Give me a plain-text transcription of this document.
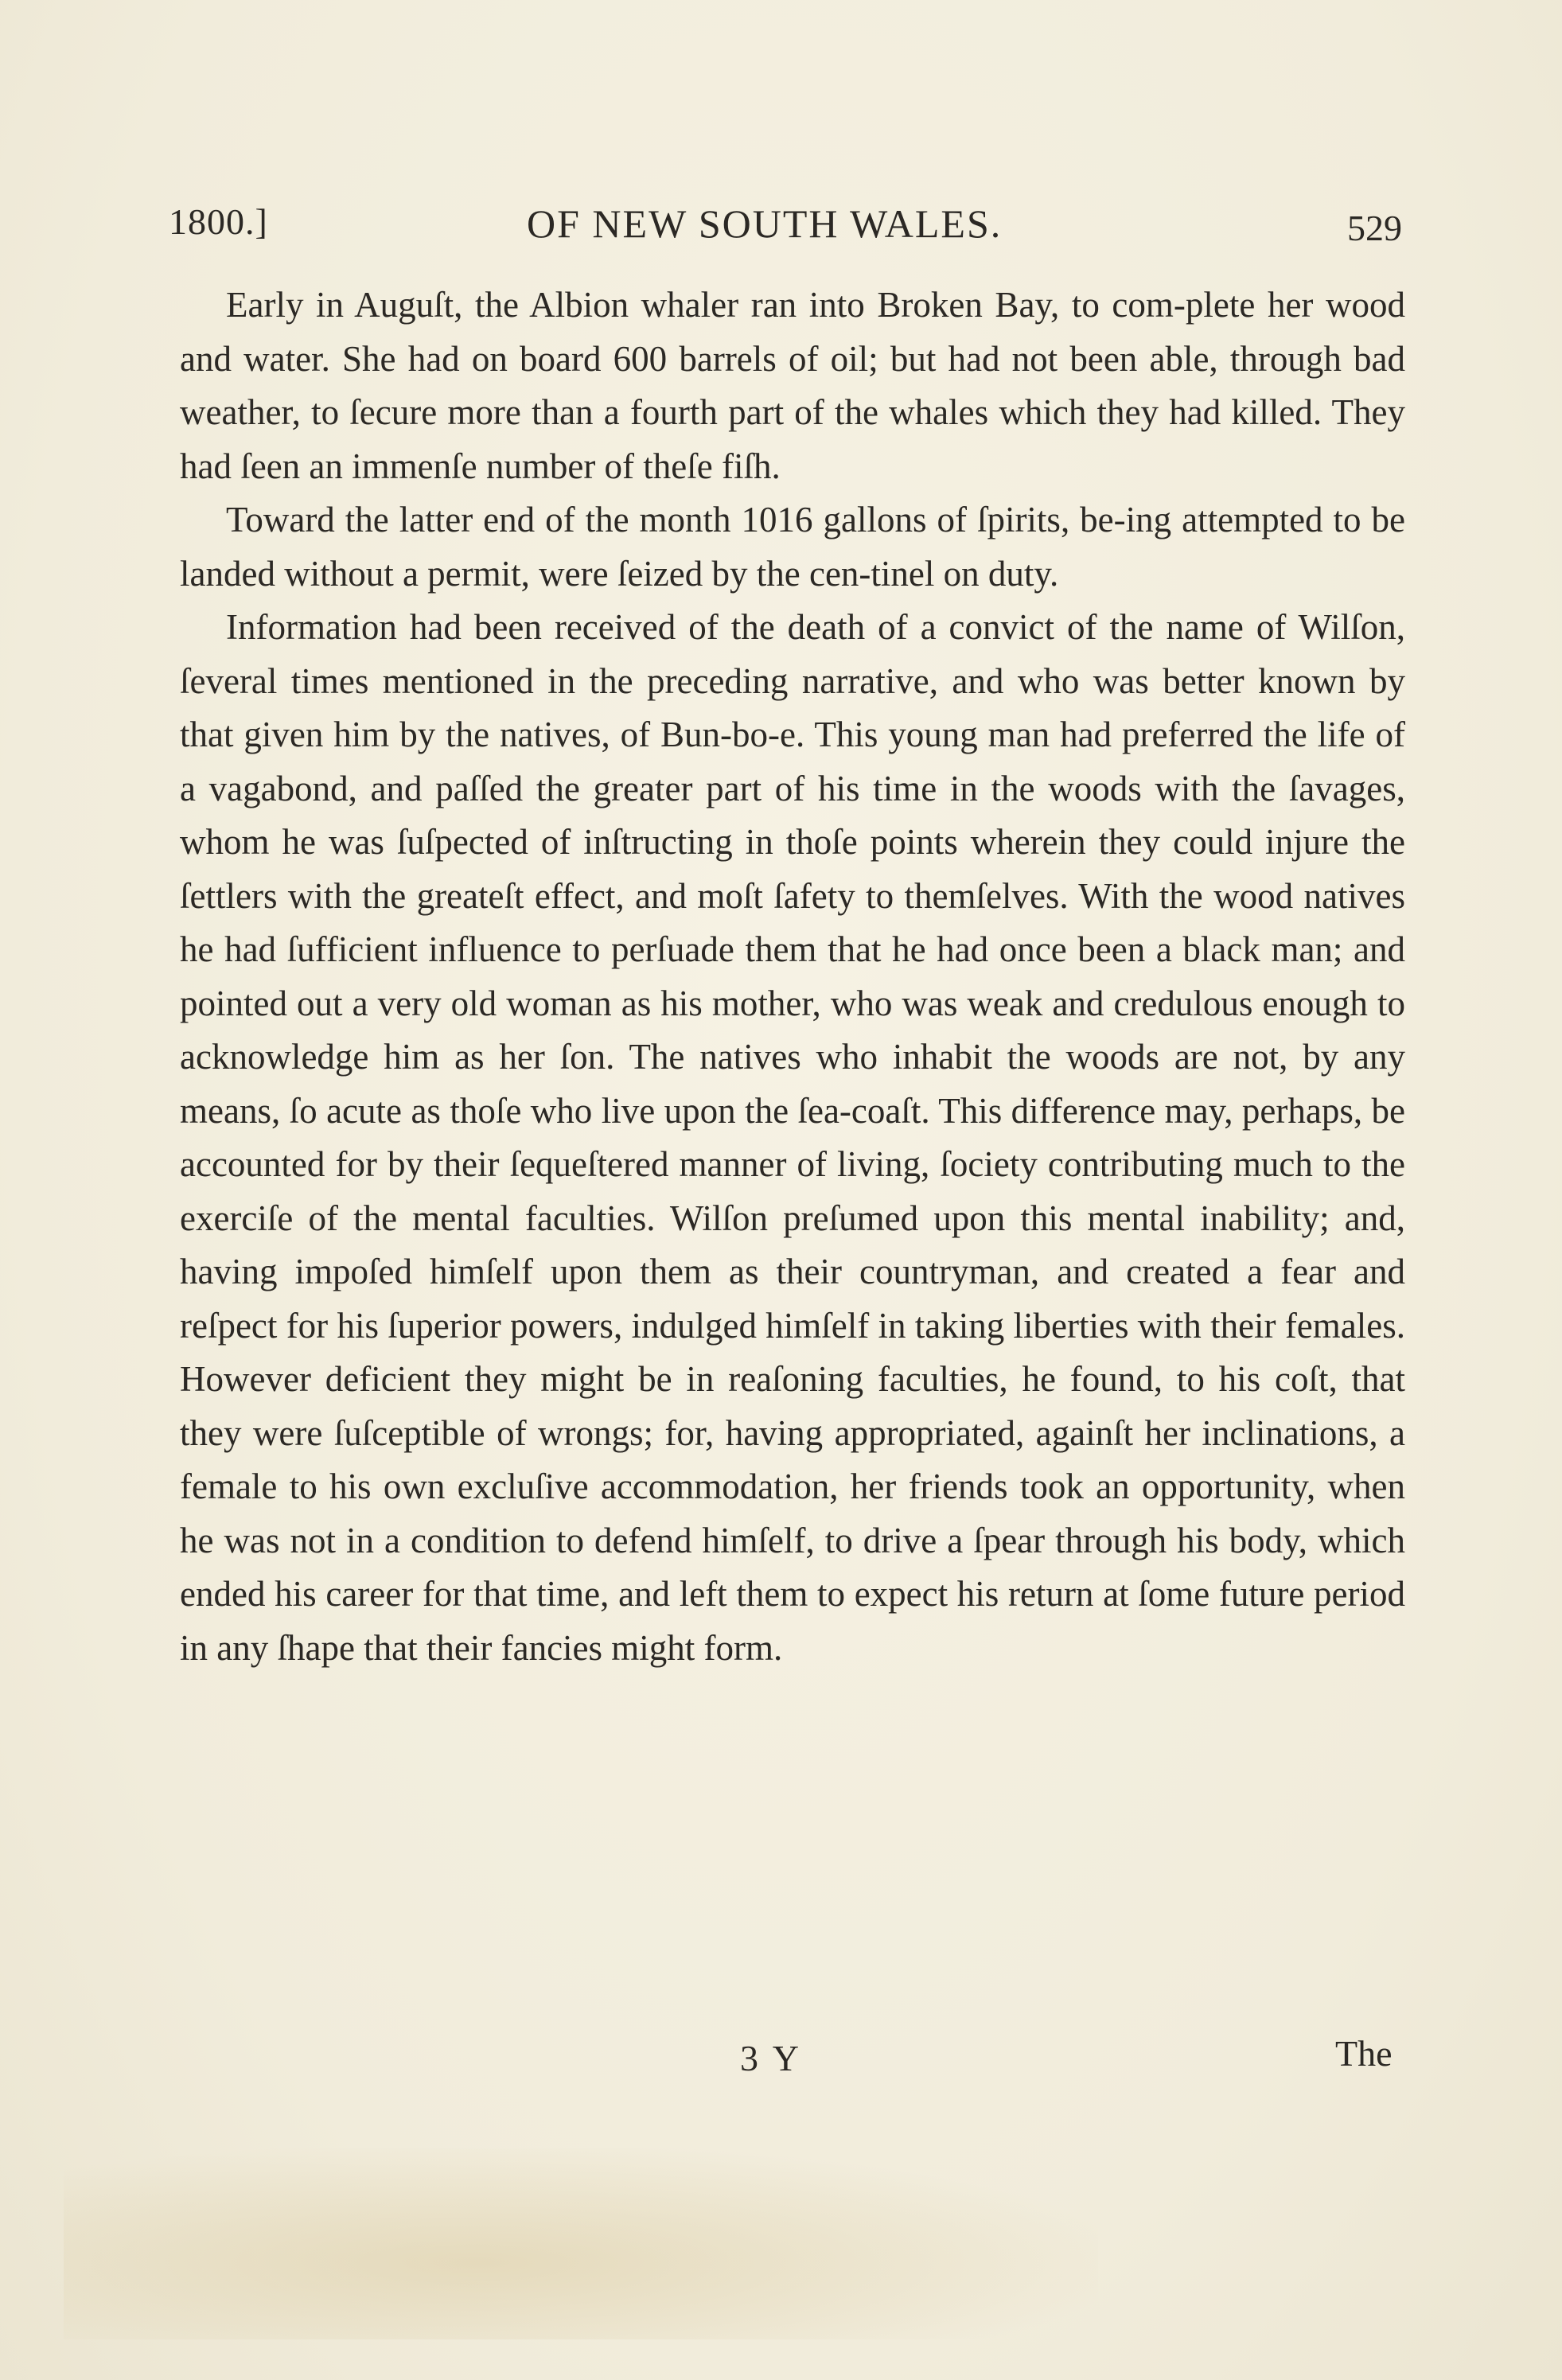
1800.]	OF NEW SOUTH WALES.	529

Early in Auguſt, the Albion whaler ran into Broken Bay, to com-plete her wood and water. She had on board 600 barrels of oil; but had not been able, through bad weather, to ſecure more than a fourth part of the whales which they had killed. They had ſeen an immenſe number of theſe fiſh.

Toward the latter end of the month 1016 gallons of ſpirits, be-ing attempted to be landed without a permit, were ſeized by the cen-tinel on duty.

Information had been received of the death of a convict of the name of Wilſon, ſeveral times mentioned in the preceding narrative, and who was better known by that given him by the natives, of Bun-bo-e. This young man had preferred the life of a vagabond, and paſſed the greater part of his time in the woods with the ſavages, whom he was ſuſpected of inſtructing in thoſe points wherein they could injure the ſettlers with the greateſt effect, and moſt ſafety to themſelves. With the wood natives he had ſufficient influence to perſuade them that he had once been a black man; and pointed out a very old woman as his mother, who was weak and credulous enough to acknowledge him as her ſon. The natives who inhabit the woods are not, by any means, ſo acute as thoſe who live upon the ſea-coaſt. This difference may, perhaps, be accounted for by their ſequeſtered manner of living, ſociety contributing much to the exerciſe of the mental faculties. Wilſon preſumed upon this mental inability; and, having impoſed himſelf upon them as their countryman, and created a fear and reſpect for his ſuperior powers, indulged himſelf in taking liberties with their females. However deficient they might be in reaſoning faculties, he found, to his coſt, that they were ſuſceptible of wrongs; for, having appropriated, againſt her inclinations, a female to his own excluſive accommodation, her friends took an opportunity, when he was not in a condition to defend himſelf, to drive a ſpear through his body, which ended his career for that time, and left them to expect his return at ſome future period in any ſhape that their fancies might form.

3 Y	The
